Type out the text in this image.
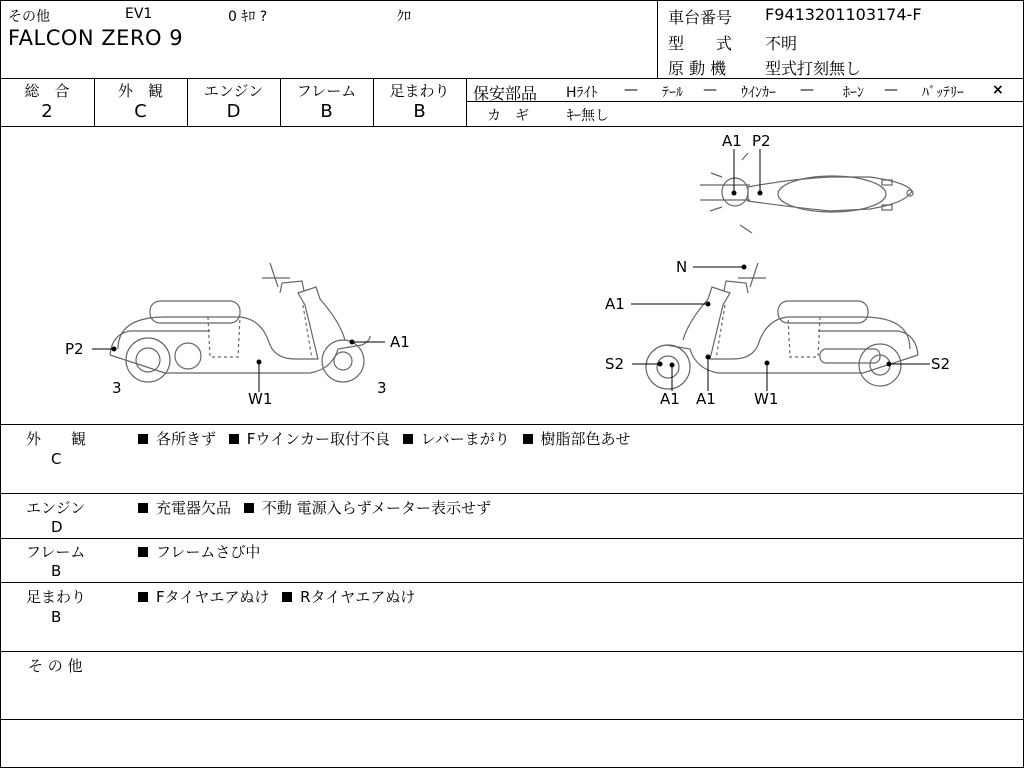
その他	EV1	0 ｷﾛ ?	ｸﾛ
FALCON ZERO 9
車台番号 F9413201103174-F
型　　式 不明
原 動 機 型式打刻無し
総　合
2
外　観
C
エンジン
D
フレーム
B
足まわり
B
保安部品 Hﾗｲﾄ — ﾃｰﾙ — ｳｲﾝｶｰ — ﾎｰﾝ — ﾊﾞｯﾃﾘｰ ×
カ　ギ	ｷｰ無し
P2	A1
W1
3	3
N
A1
S2	S2
A1 A1	W1
A1 P2
外　　観
C
各所きず Fウインカー取付不良 レバーまがり 樹脂部色あせ
エンジン
D
充電器欠品 不動 電源入らずメーター表示せず
フレーム
B
フレームさび中
足まわり
B
Fタイヤエアぬけ Rタイヤエアぬけ
そ の 他
